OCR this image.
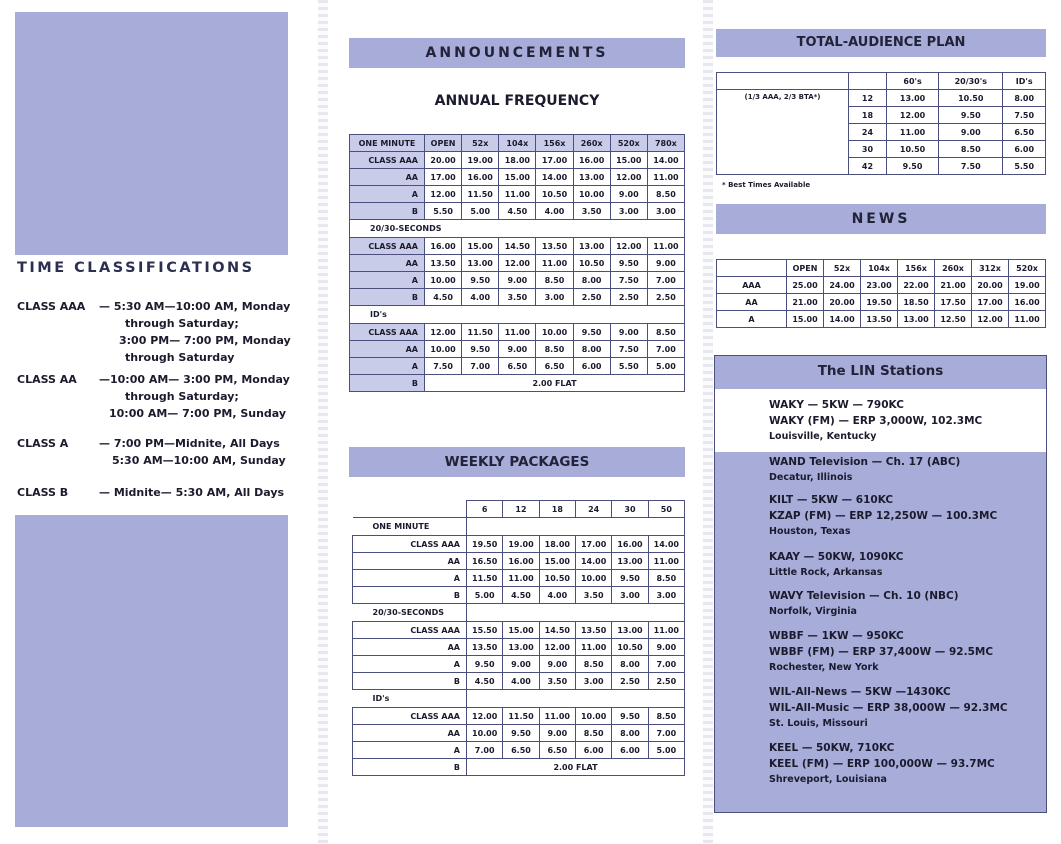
TIME CLASSIFICATIONS
CLASS AAA	— 5:30 AM—10:00 AM, Monday
through Saturday;
3:00 PM— 7:00 PM, Monday
through Saturday
CLASS AA	—10:00 AM— 3:00 PM, Monday
through Saturday;
10:00 AM— 7:00 PM, Sunday
CLASS A	— 7:00 PM—Midnite, All Days
5:30 AM—10:00 AM, Sunday
CLASS B	— Midnite— 5:30 AM, All Days
ANNOUNCEMENTS
ANNUAL FREQUENCY
ONE MINUTE	OPEN	52x	104x	156x	260x	520x	780x
CLASS AAA	20.00	19.00	18.00	17.00	16.00	15.00	14.00
AA	17.00	16.00	15.00	14.00	13.00	12.00	11.00
A	12.00	11.50	11.00	10.50	10.00	9.00	8.50
B	5.50	5.00	4.50	4.00	3.50	3.00	3.00
20/30-SECONDS							
CLASS AAA	16.00	15.00	14.50	13.50	13.00	12.00	11.00
AA	13.50	13.00	12.00	11.00	10.50	9.50	9.00
A	10.00	9.50	9.00	8.50	8.00	7.50	7.00
B	4.50	4.00	3.50	3.00	2.50	2.50	2.50
ID's							
CLASS AAA	12.00	11.50	11.00	10.00	9.50	9.00	8.50
AA	10.00	9.50	9.00	8.50	8.00	7.50	7.00
A	7.50	7.00	6.50	6.50	6.00	5.50	5.00
B	2.00 FLAT						
WEEKLY PACKAGES
	6	12	18	24	30	50
ONE MINUTE						
CLASS AAA	19.50	19.00	18.00	17.00	16.00	14.00
AA	16.50	16.00	15.00	14.00	13.00	11.00
A	11.50	11.00	10.50	10.00	9.50	8.50
B	5.00	4.50	4.00	3.50	3.00	3.00
20/30-SECONDS						
CLASS AAA	15.50	15.00	14.50	13.50	13.00	11.00
AA	13.50	13.00	12.00	11.00	10.50	9.00
A	9.50	9.00	9.00	8.50	8.00	7.00
B	4.50	4.00	3.50	3.00	2.50	2.50
ID's						
CLASS AAA	12.00	11.50	11.00	10.00	9.50	8.50
AA	10.00	9.50	9.00	8.50	8.00	7.00
A	7.00	6.50	6.50	6.00	6.00	5.00
B	2.00 FLAT					
TOTAL-AUDIENCE PLAN
		60's	20/30's	ID's
(1/3 AAA, 2/3 BTA*)	12	13.00	10.50	8.00
	18	12.00	9.50	7.50
	24	11.00	9.00	6.50
	30	10.50	8.50	6.00
	42	9.50	7.50	5.50
* Best Times Available
NEWS
	OPEN	52x	104x	156x	260x	312x	520x
AAA	25.00	24.00	23.00	22.00	21.00	20.00	19.00
AA	21.00	20.00	19.50	18.50	17.50	17.00	16.00
A	15.00	14.00	13.50	13.00	12.50	12.00	11.00
The LIN Stations
WAKY — 5KW — 790KC
WAKY (FM) — ERP 3,000W, 102.3MC
Louisville, Kentucky
WAND Television — Ch. 17 (ABC)
Decatur, Illinois
KILT — 5KW — 610KC
KZAP (FM) — ERP 12,250W — 100.3MC
Houston, Texas
KAAY — 50KW, 1090KC
Little Rock, Arkansas
WAVY Television — Ch. 10 (NBC)
Norfolk, Virginia
WBBF — 1KW — 950KC
WBBF (FM) — ERP 37,400W — 92.5MC
Rochester, New York
WIL-All-News — 5KW —1430KC
WIL-All-Music — ERP 38,000W — 92.3MC
St. Louis, Missouri
KEEL — 50KW, 710KC
KEEL (FM) — ERP 100,000W — 93.7MC
Shreveport, Louisiana
